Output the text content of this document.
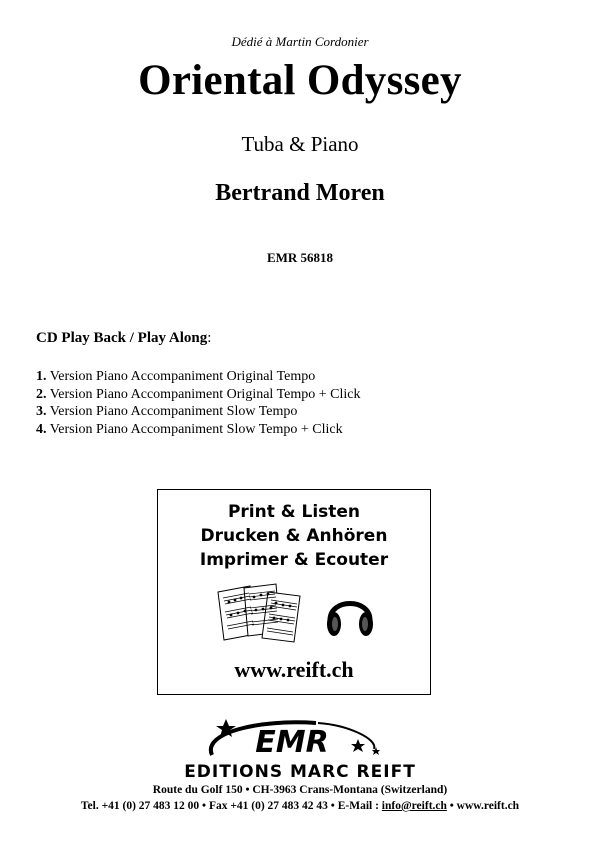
Dédié à Martin Cordonier
Oriental Odyssey
Tuba & Piano
Bertrand Moren
EMR 56818
CD Play Back / Play Along:
1. Version Piano Accompaniment Original Tempo
2. Version Piano Accompaniment Original Tempo + Click
3. Version Piano Accompaniment Slow Tempo
4. Version Piano Accompaniment Slow Tempo + Click
Print & Listen
Drucken & Anhören
Imprimer & Ecouter
www.reift.ch
EMR
EDITIONS MARC REIFT
Route du Golf 150 • CH-3963 Crans-Montana (Switzerland)
Tel. +41 (0) 27 483 12 00 • Fax +41 (0) 27 483 42 43 • E-Mail : info@reift.ch • www.reift.ch
